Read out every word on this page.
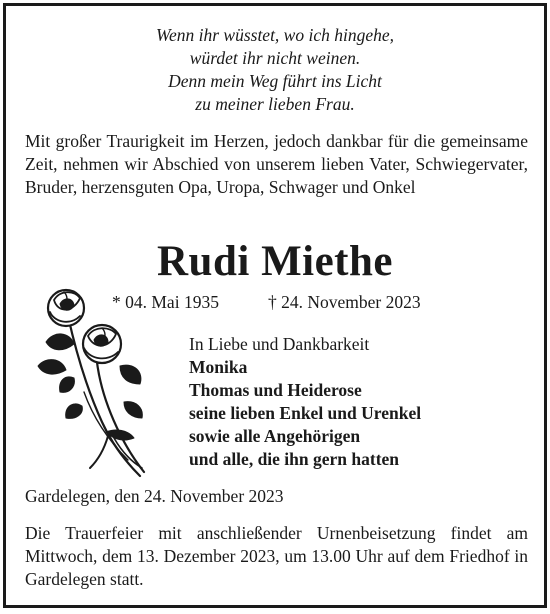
Wenn ihr wüsstet, wo ich hingehe,
würdet ihr nicht weinen.
Denn mein Weg führt ins Licht
zu meiner lieben Frau.
Mit großer Traurigkeit im Herzen, jedoch dankbar für die gemeinsame Zeit, nehmen wir Abschied von unserem lieben Vater, Schwiegervater, Bruder, herzensguten Opa, Uropa, Schwager und Onkel
Rudi Miethe
* 04. Mai 1935	† 24. November 2023
In Liebe und Dankbarkeit
Monika
Thomas und Heiderose
seine lieben Enkel und Urenkel
sowie alle Angehörigen
und alle, die ihn gern hatten
Gardelegen, den 24. November 2023
Die Trauerfeier mit anschließender Urnenbeisetzung findet am Mittwoch, dem 13. Dezember 2023, um 13.00 Uhr auf dem Friedhof in Gardelegen statt.
